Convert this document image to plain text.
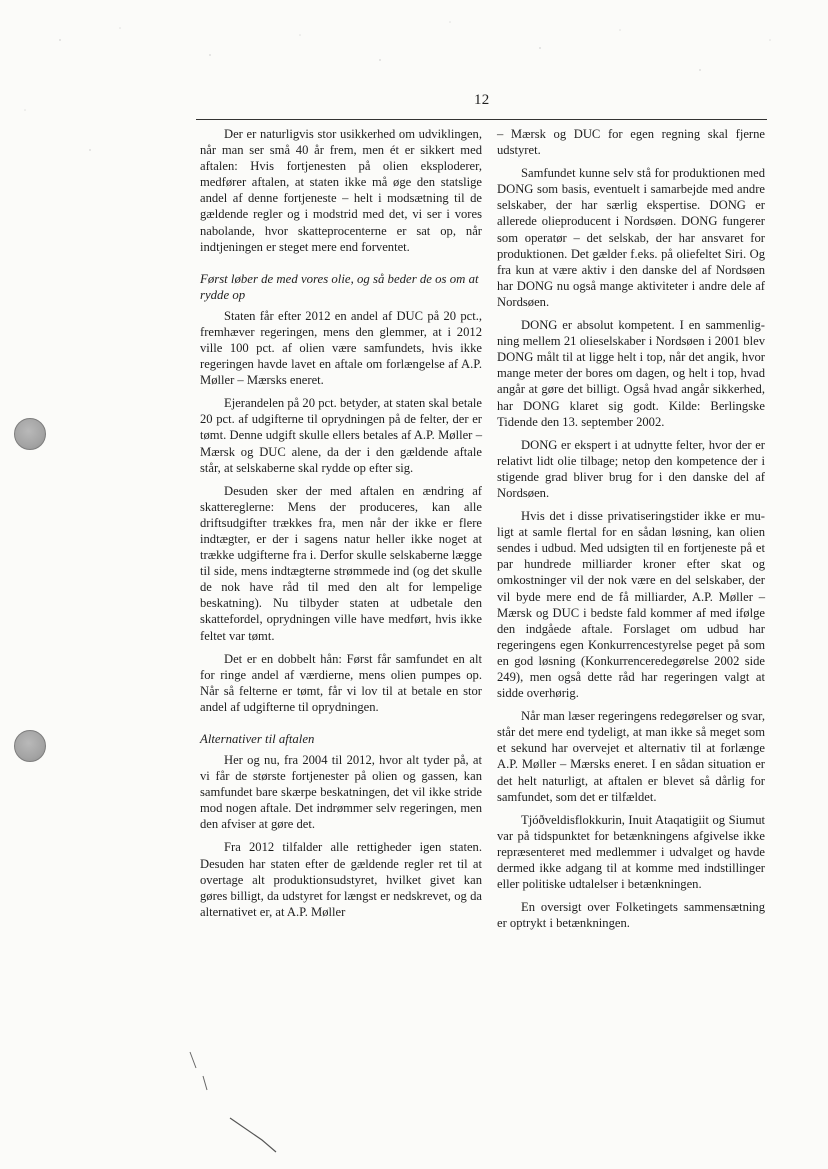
12

Der er naturligvis stor usikkerhed om udviklingen, når man ser små 40 år frem, men ét er sikkert med aftalen: Hvis fortjenesten på olien eksploderer, medfører aftalen, at staten ikke må øge den statslige andel af denne fortjeneste – helt i modsætning til de gældende regler og i modstrid med det, vi ser i vores nabolande, hvor skatteprocenterne er sat op, når indtjeningen er steget mere end forventet.

Først løber de med vores olie, og så beder de os om at rydde op

Staten får efter 2012 en andel af DUC på 20 pct., fremhæver regeringen, mens den glemmer, at i 2012 ville 100 pct. af olien være samfundets, hvis ikke regeringen havde lavet en aftale om forlængelse af A.P. Møller – Mærsks eneret.

Ejerandelen på 20 pct. betyder, at staten skal betale 20 pct. af udgifterne til oprydningen på de felter, der er tømt. Denne udgift skulle ellers betales af A.P. Møller – Mærsk og DUC alene, da der i den gældende aftale står, at selskaberne skal rydde op efter sig.

Desuden sker der med aftalen en ændring af skattereglerne: Mens der produceres, kan alle driftsudgifter trækkes fra, men når der ikke er flere indtægter, er der i sagens natur heller ikke noget at trække udgifterne fra i. Derfor skulle selskaberne lægge til side, mens indtægterne strømmede ind (og det skulle de nok have råd til med den alt for lempelige beskatning). Nu tilbyder staten at udbetale den skattefordel, oprydningen ville have medført, hvis ikke feltet var tømt.

Det er en dobbelt hån: Først får samfundet en alt for ringe andel af værdierne, mens olien pumpes op. Når så felterne er tømt, får vi lov til at betale en stor andel af udgifterne til oprydningen.

Alternativer til aftalen

Her og nu, fra 2004 til 2012, hvor alt tyder på, at vi får de største fortjenester på olien og gassen, kan samfundet bare skærpe beskatningen, det vil ikke stride mod nogen aftale. Det indrømmer selv regeringen, men den afviser at gøre det.

Fra 2012 tilfalder alle rettigheder igen staten. Desuden har staten efter de gældende regler ret til at overtage alt produktionsudstyret, hvilket givet kan gøres billigt, da udstyret for længst er nedskrevet, og da alternativet er, at A.P. Møller

– Mærsk og DUC for egen regning skal fjerne udstyret.

Samfundet kunne selv stå for produktionen med DONG som basis, eventuelt i samarbejde med andre selskaber, der har særlig ekspertise. DONG er allerede olieproducent i Nordsøen. DONG fungerer som operatør – det selskab, der har ansvaret for produktionen. Det gælder f.eks. på oliefeltet Siri. Og fra kun at være aktiv i den danske del af Nordsøen har DONG nu også mange aktiviteter i andre dele af Nordsøen.

DONG er absolut kompetent. I en sammenligning mellem 21 olieselskaber i Nordsøen i 2001 blev DONG målt til at ligge helt i top, når det angik, hvor mange meter der bores om dagen, og helt i top, hvad angår at gøre det billigt. Også hvad angår sikkerhed, har DONG klaret sig godt. Kilde: Berlingske Tidende den 13. september 2002.

DONG er ekspert i at udnytte felter, hvor der er relativt lidt olie tilbage; netop den kompetence der i stigende grad bliver brug for i den danske del af Nordsøen.

Hvis det i disse privatiseringstider ikke er muligt at samle flertal for en sådan løsning, kan olien sendes i udbud. Med udsigten til en fortjeneste på et par hundrede milliarder kroner efter skat og omkostninger vil der nok være en del selskaber, der vil byde mere end de få milliarder, A.P. Møller – Mærsk og DUC i bedste fald kommer af med ifølge den indgåede aftale. Forslaget om udbud har regeringens egen Konkurrencestyrelse peget på som en god løsning (Konkurrenceredegørelse 2002 side 249), men også dette råd har regeringen valgt at sidde overhørig.

Når man læser regeringens redegørelser og svar, står det mere end tydeligt, at man ikke så meget som et sekund har overvejet et alternativ til at forlænge A.P. Møller – Mærsks eneret. I en sådan situation er det helt naturligt, at aftalen er blevet så dårlig for samfundet, som det er tilfældet.

Tjóðveldisflokkurin, Inuit Ataqatigiit og Siumut var på tidspunktet for betænkningens afgivelse ikke repræsenteret med medlemmer i udvalget og havde dermed ikke adgang til at komme med indstillinger eller politiske udtalelser i betænkningen.

En oversigt over Folketingets sammensætning er optrykt i betænkningen.
